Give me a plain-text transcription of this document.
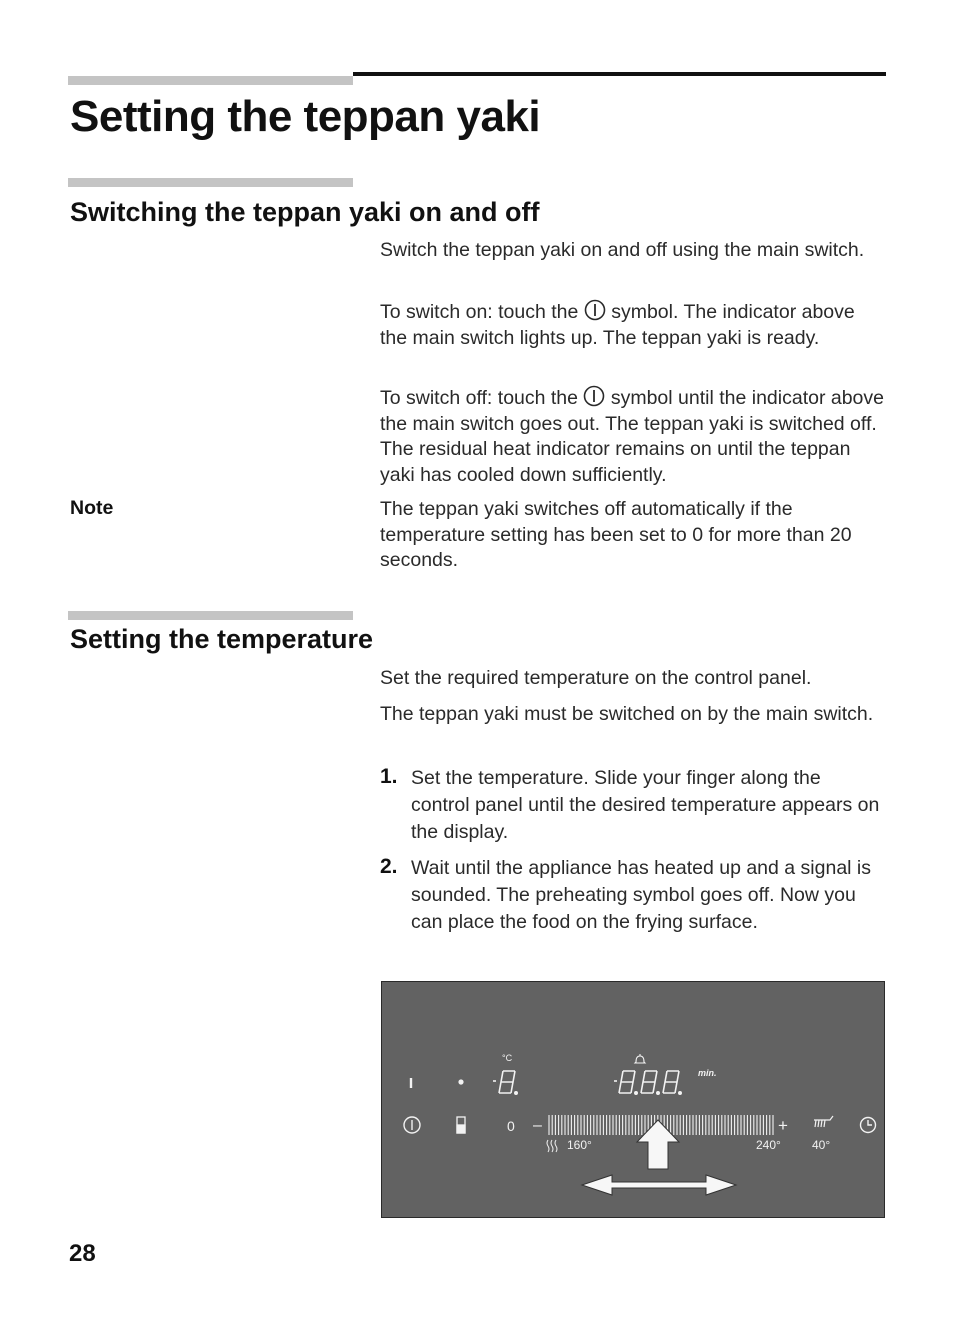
Setting the teppan yaki
Switching the teppan yaki on and off

Switch the teppan yaki on and off using the main switch.

To switch on: touch the symbol. The indicator above the main switch lights up. The teppan yaki is ready.

To switch off: touch the symbol until the indicator above the main switch goes out. The teppan yaki is switched off. The residual heat indicator remains on until the teppan yaki has cooled down sufficiently.

Note	The teppan yaki switches off automatically if the temperature setting has been set to 0 for more than 20 seconds.

Setting the temperature

Set the required temperature on the control panel.

The teppan yaki must be switched on by the main switch.

1. Set the temperature. Slide your finger along the control panel until the desired temperature appears on the display.

2. Wait until the appliance has heated up and a signal is sounded. The preheating symbol goes off. Now you can place the food on the frying surface.

°C
min.
0 –	+
160°	240°	40°
28
